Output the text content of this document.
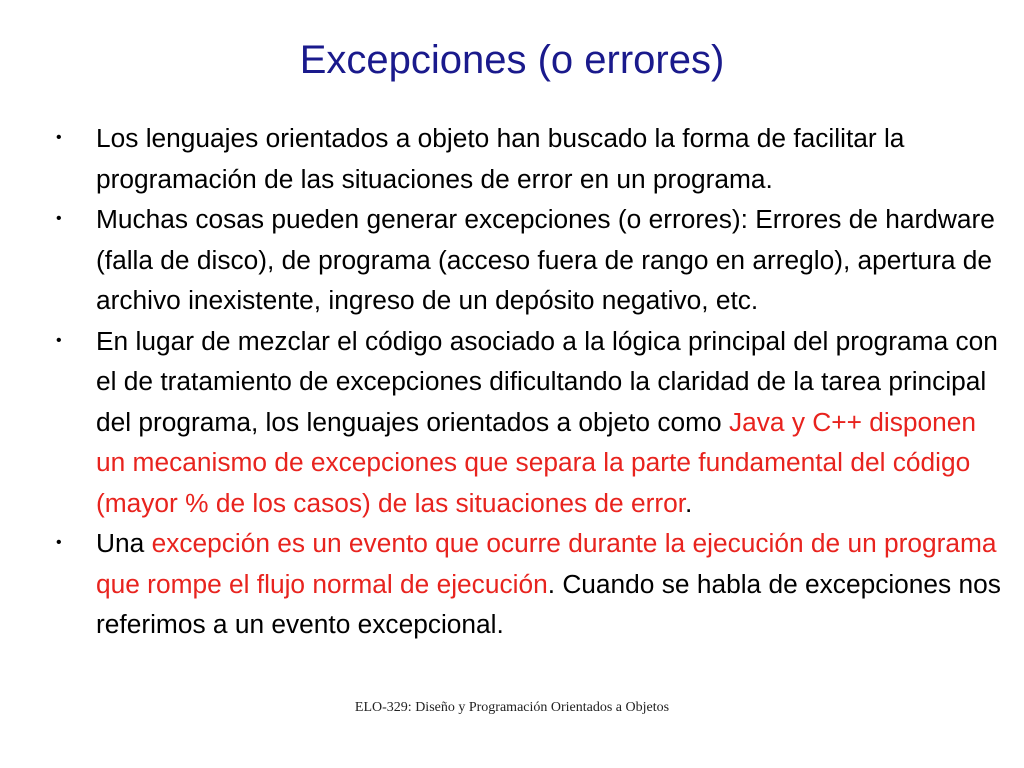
Excepciones (o errores)
•	Los lenguajes orientados a objeto han buscado la forma de facilitar la programación de las situaciones de error en un programa.
•	Muchas cosas pueden generar excepciones (o errores): Errores de hardware (falla de disco), de programa (acceso fuera de rango en arreglo), apertura de archivo inexistente, ingreso de un depósito negativo, etc.
•	En lugar de mezclar el código asociado a la lógica principal del programa con el de tratamiento de excepciones dificultando la claridad de la tarea principal del programa, los lenguajes orientados a objeto como Java y C++ disponen un mecanismo de excepciones que separa la parte fundamental del código (mayor % de los casos) de las situaciones de error.
•	Una excepción es un evento que ocurre durante la ejecución de un programa que rompe el flujo normal de ejecución. Cuando se habla de excepciones nos referimos a un evento excepcional.
ELO-329: Diseño y Programación Orientados a Objetos
